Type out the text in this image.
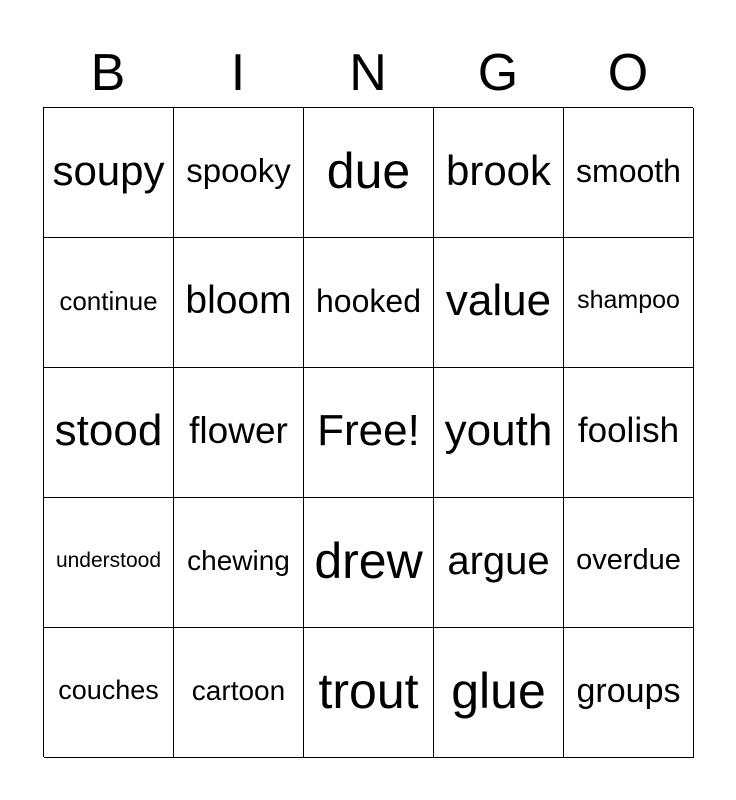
B	I	N	G	O
soupy spooky due brook smooth
continue bloom hooked value	shampoo
stood flower Free! youth foolish
understood chewing drew argue overdue
couches	cartoon trout glue groups
